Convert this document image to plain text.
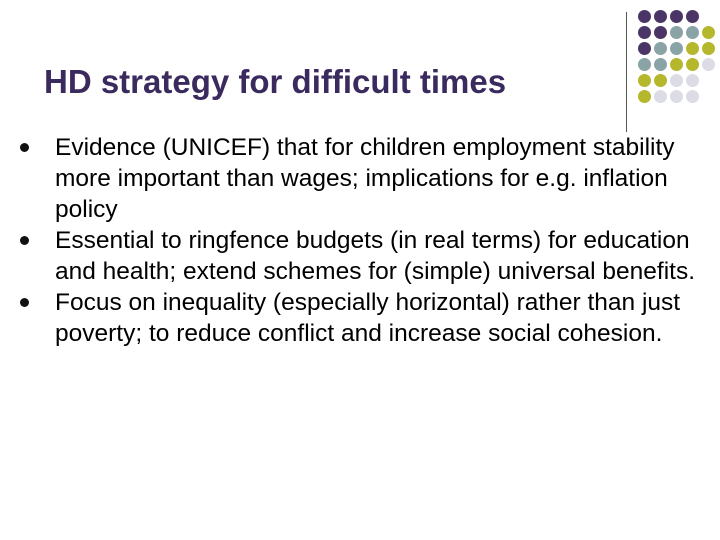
HD strategy for difficult times
Evidence (UNICEF) that for children employment stability more important than wages; implications for e.g. inflation policy
Essential to ringfence budgets (in real terms) for education and health; extend schemes for (simple) universal benefits.
Focus on inequality (especially horizontal) rather than just poverty; to reduce conflict and increase social cohesion.
